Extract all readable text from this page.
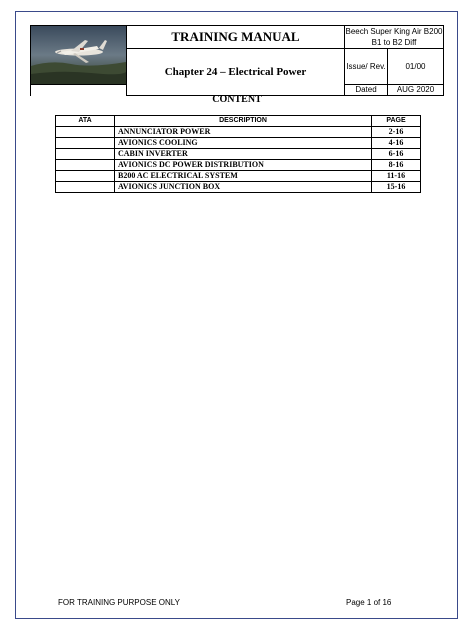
	TRAINING MANUAL	Beech Super King Air B200 B1 to B2 Diff	
	Chapter 24 – Electrical Power	Issue/ Rev.	01/00
		Dated	AUG 2020
CONTENT
ATA	DESCRIPTION	PAGE
	ANNUNCIATOR POWER	2-16
	AVIONICS COOLING	4-16
	CABIN INVERTER	6-16
	AVIONICS DC POWER DISTRIBUTION	8-16
	B200 AC ELECTRICAL SYSTEM	11-16
	AVIONICS JUNCTION BOX	15-16
FOR TRAINING PURPOSE ONLY	Page 1 of 16
